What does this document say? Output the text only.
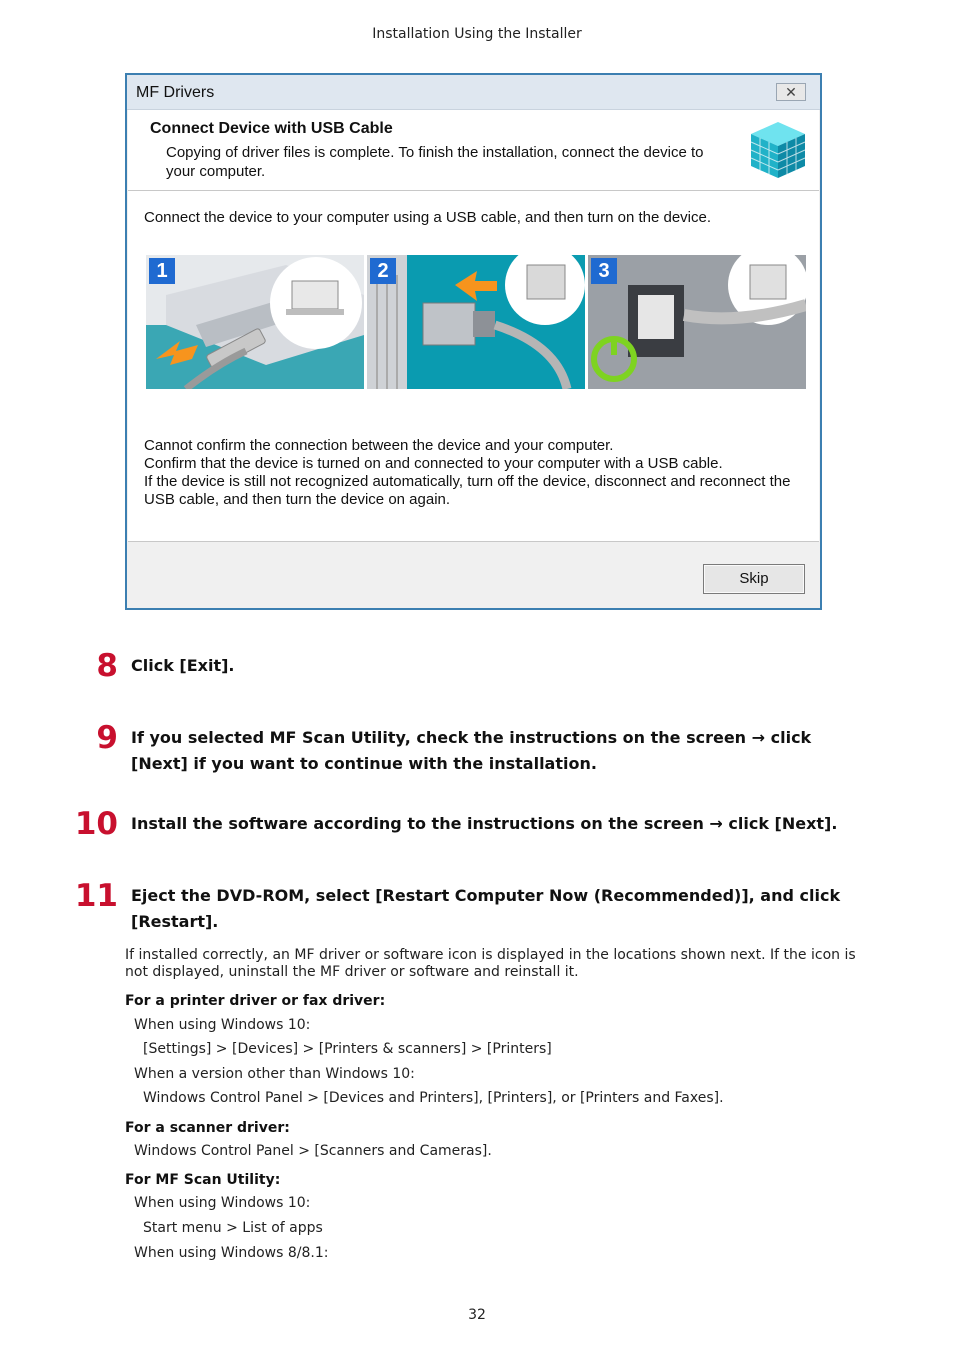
Installation Using the Installer
MF Drivers	✕
Connect Device with USB Cable
Copying of driver files is complete. To finish the installation, connect the device to your computer.
Connect the device to your computer using a USB cable, and then turn on the device.
1	2	3
Cannot confirm the connection between the device and your computer.
Confirm that the device is turned on and connected to your computer with a USB cable.
If the device is still not recognized automatically, turn off the device, disconnect and reconnect the USB cable, and then turn the device on again.
Skip
8 Click [Exit].
9 If you selected MF Scan Utility, check the instructions on the screen → click [Next] if you want to continue with the installation.
10 Install the software according to the instructions on the screen → click [Next].
11 Eject the DVD-ROM, select [Restart Computer Now (Recommended)], and click [Restart].
If installed correctly, an MF driver or software icon is displayed in the locations shown next. If the icon is not displayed, uninstall the MF driver or software and reinstall it.
For a printer driver or fax driver:
When using Windows 10:
[Settings] > [Devices] > [Printers & scanners] > [Printers]
When a version other than Windows 10:
Windows Control Panel > [Devices and Printers], [Printers], or [Printers and Faxes].
For a scanner driver:
Windows Control Panel > [Scanners and Cameras].
For MF Scan Utility:
When using Windows 10:
Start menu > List of apps
When using Windows 8/8.1:
32
